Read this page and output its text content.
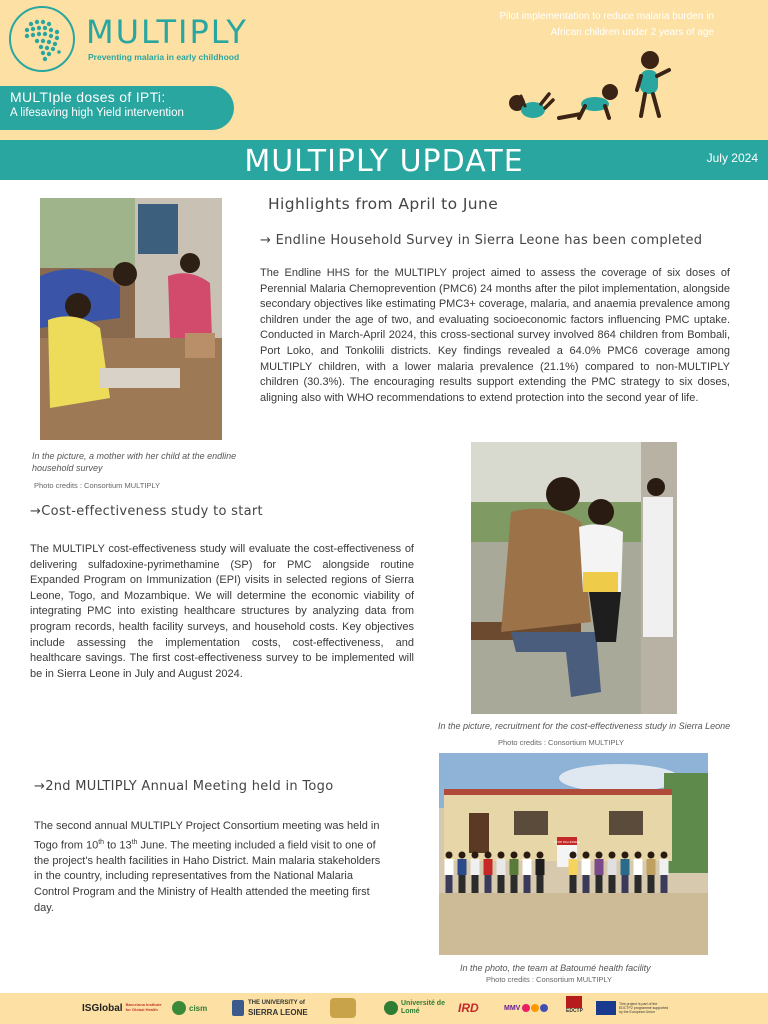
MULTIPLY
Preventing malaria in early childhood
Pilot implementation to reduce malaria burden in
African children under 2 years of age
MULTIple doses of IPTi:
A lifesaving high Yield intervention
MULTIPLY UPDATE	July 2024
In the picture, a mother with her child at the endline household survey
Photo credits : Consortium MULTIPLY
Highlights from April to June
→ Endline Household Survey in Sierra Leone has been completed
The Endline HHS for the MULTIPLY project aimed to assess the coverage of six doses of Perennial Malaria Chemoprevention (PMC6) 24 months after the pilot implementation, alongside secondary objectives like estimating PMC3+ coverage, malaria, and anaemia prevalence among children under the age of two, and evaluating socioeconomic factors influencing PMC uptake. Conducted in March-April 2024, this cross-sectional survey involved 864 children from Bombali, Port Loko, and Tonkolili districts. Key findings revealed a 64.0% PMC6 coverage among MULTIPLY children, with a lower malaria prevalence (21.1%) compared to non-MULTIPLY children (30.3%). The encouraging results support extending the PMC strategy to six doses, aligning also with WHO recommendations to extend protection into the second year of life.
→Cost-effectiveness study to start
The MULTIPLY cost-effectiveness study will evaluate the cost-effectiveness of delivering sulfadoxine-pyrimethamine (SP) for PMC alongside routine Expanded Program on Immunization (EPI) visits in selected regions of Sierra Leone, Togo, and Mozambique. We will determine the economic viability of integrating PMC into existing healthcare structures by analyzing data from program records, health facility surveys, and household costs. Key objectives include assessing the implementation costs, cost-effectiveness, and healthcare savings. The first cost-effectiveness survey to be implemented will be in Sierra Leone in July and August 2024.
In the picture, recruitment for the cost-effectiveness study in Sierra Leone
Photo credits : Consortium MULTIPLY
→2nd MULTIPLY Annual Meeting held in Togo
The second annual MULTIPLY Project Consortium meeting was held in Togo from 10th to 13th June. The meeting included a field visit to one of the project's health facilities in Haho District. Main malaria stakeholders in the country, including representatives from the National Malaria Control Program and the Ministry of Health attended the meeting first day.
STOP PALUDISME
In the photo, the team at Batoumé health facility
Photo credits : Consortium MULTIPLY
ISGlobal Barcelona Institute for Global Health	cism
THE UNIVERSITY of
SIERRA LEONE
Université de Lomé	IRD	MMV	EDCTP
This project is part of the EDCTP2 programme supported by the European Union
